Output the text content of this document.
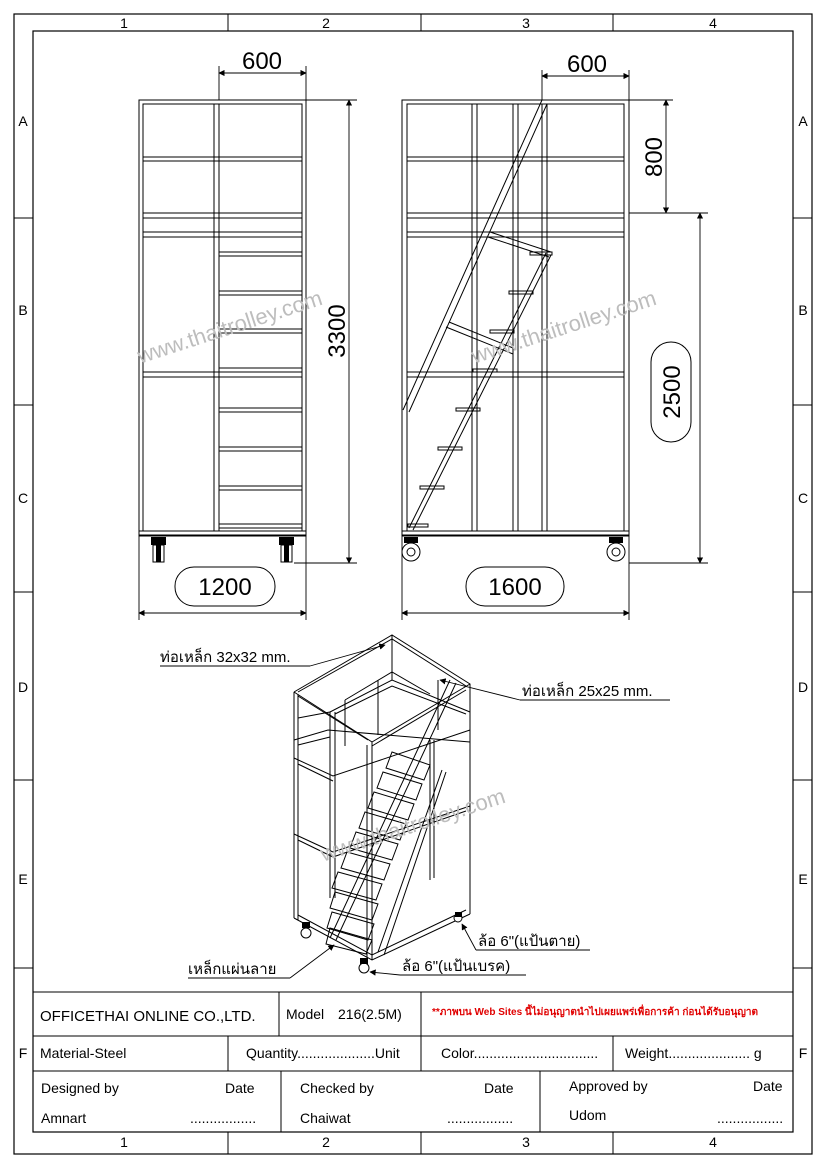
1	2	3	4
1	2	3	4
A
B
C
D
E
F
A
B
C
D
E
F
600
3300
1200
600
800
2500
1600
ท่อเหล็ก 32x32 mm.
ท่อเหล็ก 25x25 mm.
เหล็กแผ่นลาย
ล้อ 6"(แป้นตาย)
ล้อ 6"(แป้นเบรค)
www.thaitrolley.com	www.thaitrolley.com
www.thaitrolley.com
OFFICETHAI ONLINE CO.,LTD. Model 216(2.5M)	**ภาพบน Web Sites นี้ไม่อนุญาตนำไปเผยแพร่เพื่อการค้า ก่อนได้รับอนุญาต
Material-Steel	Quantity....................Unit	Color................................ Weight..................... g
Designed by	Date
Amnart	.................
Checked by	Date
Chaiwat	.................
Approved by	Date
Udom	.................
